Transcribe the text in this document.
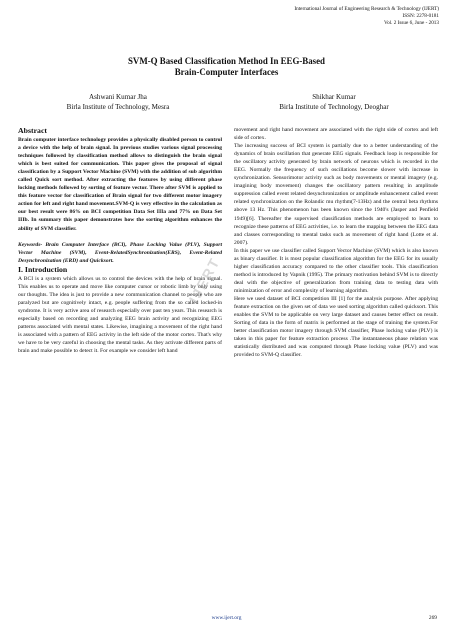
International Journal of Engineering Research & Technology (IJERT)
ISSN: 2278-0181
Vol. 2 Issue 6, June - 2013
SVM-Q Based Classification Method In EEG-Based
Brain-Computer Interfaces
Ashwani Kumar Jha
Birla Institute of Technology, Mesra
Shikhar Kumar
Birla Institute of Technology, Deoghar

Abstract

Brain computer interface technology provides a physically disabled person to control a device with the help of brain signal. In previous studies various signal processing techniques followed by classification method allows to distinguish the brain signal which is best suited for communication. This paper gives the proposal of signal classification by a Support Vector Machine (SVM) with the addition of sub algorithm called Quick sort method. After extracting the features by using different phase locking methods followed by sorting of feature vector. There after SVM is applied to this feature vector for classification of Brain signal for two different motor imagery action for left and right hand movement.SVM-Q is very effective in the calculation as our best result were 86% on BCI competition Data Set IIIa and 77% on Data Set IIIb. In summary this paper demonstrates how the sorting algorithm enhances the ability of SVM classifier.

Keywords- Brain Computer Interface (BCI), Phase Locking Value (PLV), Support Vector Machine (SVM), Event-RelatedSynchronization(ERS), Event-Related Desynchronization (ERD) and Quicksort.

I. Introduction

A BCI is a system which allows us to control the devices with the help of brain signal. This enables us to operate and move like computer cursor or robotic limb by only using our thoughts. The idea is just to provide a new communication channel to people who are paralyzed but are cognitively intact, e.g. people suffering from the so called locked-in syndrome. It is very active area of research especially over past ten years. This research is especially based on recording and analyzing EEG brain activity and recognizing EEG patterns associated with mental states. Likewise, imagining a movement of the right hand is associated with a pattern of EEG activity in the left side of the motor cortex. That's why we have to be very careful in choosing the mental tasks. As they activate different parts of brain and make possible to detect it. For example we consider left hand

movement and right hand movement are associated with the right side of cortex and left side of cortex.

The increasing success of BCI system is partially due to a better understanding of the dynamics of brain oscillation that generate EEG signals. Feedback loop is responsible for the oscillatory activity generated by brain network of neurons which is recorded in the EEG. Normally the frequency of such oscillations become slower with increase in synchronization. Sensorimotor activity such as body movements or mental imagery (e.g. imagining body movement) changes the oscillatory pattern resulting in amplitude suppression called event related desynchronization or amplitude enhancement called event related synchronization on the Rolandic mu rhythm(7-13Hz) and the central beta rhythms above 13 Hz. This phenomenon has been known since the 1940's (Jasper and Penfield 1949)[6]. Thereafter the supervised classification methods are employed to learn to recognize these patterns of EEG activities, i.e. to learn the mapping between the EEG data and classes corresponding to mental tasks such as movement of right hand (Lotte et al. 2007).

In this paper we use classifier called Support Vector Machine (SVM) which is also known as binary classifier. It is most popular classification algorithm for the EEG for its usually higher classification accuracy compared to the other classifier tools. This classification method is introduced by Vapnik (1995). The primary motivation behind SVM is to directly deal with the objective of generalization from training data to testing data with minimization of error and complexity of learning algorithm.

Here we used dataset of BCI competition III [1] for the analysis purpose. After applying feature extraction on the given set of data we used sorting algorithm called quicksort. This enables the SVM to be applicable on very large dataset and causes better effect on result. Sorting of data in the form of matrix is performed at the stage of training the system.For better classification motor imagery through SVM classifier, Phase locking value (PLV) is taken in this paper for feature extraction process .The instantaneous phase relation was statistically distributed and was computed through Phase locking value (PLV) and was provided to SVM-Q classifier.

IJERT
www.ijert.org	269
